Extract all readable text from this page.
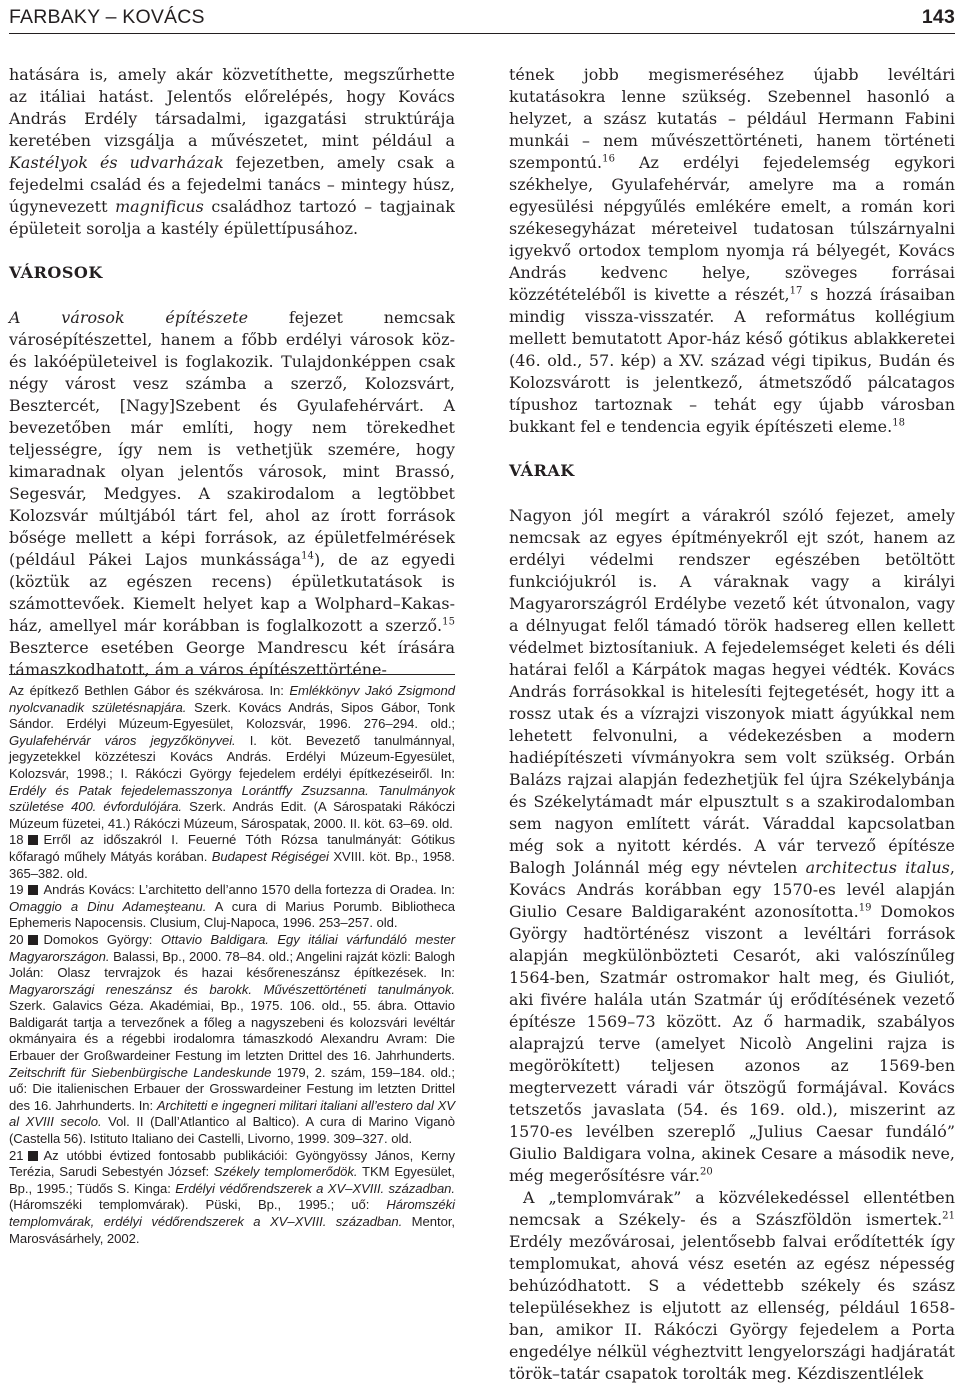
FARBAKY – KOVÁCS	143

hatására is, amely akár közvetíthette, megszűrhette az itáliai hatást. Jelentős előrelépés, hogy Kovács András Erdély társadalmi, igazgatási struktúrája keretében vizsgálja a művészetet, mint például a Kastélyok és udvarházak fejezetben, amely csak a fejedelmi család és a fejedelmi tanács – mintegy húsz, úgynevezett magnificus családhoz tartozó – tagjainak épületeit sorolja a kastély épülettípusához.

VÁROSOK

A városok építészete fejezet nemcsak városépítészettel, hanem a főbb erdélyi városok köz- és lakóépületeivel is foglakozik. Tulajdonképpen csak négy várost vesz számba a szerző, Kolozsvárt, Besztercét, [Nagy]Szebent és Gyulafehérvárt. A bevezetőben már említi, hogy nem törekedhet teljességre, így nem is vethetjük szemére, hogy kimaradnak olyan jelentős városok, mint Brassó, Segesvár, Medgyes. A szakirodalom a legtöbbet Kolozsvár múltjából tárt fel, ahol az írott források bősége mellett a képi források, az épületfelmérések (például Pákei Lajos munkássága$^{14}$), de az egyedi (köztük az egészen recens) épületkutatások is számottevőek. Kiemelt helyet kap a Wolphard–Kakas-ház, amellyel már korábban is foglalkozott a szerző.$^{15}$ Beszterce esetében George Mandrescu két írására támaszkodhatott, ám a város építészettörténe-

Az építkező Bethlen Gábor és székvárosa. In: Emlékkönyv Jakó Zsigmond nyolcvanadik születésnapjára. Szerk. Kovács András, Sipos Gábor, Tonk Sándor. Erdélyi Múzeum-Egyesület, Kolozsvár, 1996. 276–294. old.; Gyulafehérvár város jegyzőkönyvei. I. köt. Bevezető tanulmánnyal, jegyzetekkel közzéteszi Kovács András. Erdélyi Múzeum-Egyesület, Kolozsvár, 1998.; I. Rákóczi György fejedelem erdélyi építkezéseiről. In: Erdély és Patak fejedelemasszonya Lorántffy Zsuzsanna. Tanulmányok születése 400. évfordulójára. Szerk. András Edit. (A Sárospataki Rákóczi Múzeum füzetei, 41.) Rákóczi Múzeum, Sárospatak, 2000. II. köt. 63–69. old.

18 Erről az időszakról I. Feuerné Tóth Rózsa tanulmányát: Gótikus kőfaragó műhely Mátyás korában. Budapest Régiségei XVIII. köt. Bp., 1958. 365–382. old.

19 András Kovács: L’architetto dell’anno 1570 della fortezza di Oradea. In: Omaggio a Dinu Adameşteanu. A cura di Marius Porumb. Bibliotheca Ephemeris Napocensis. Clusium, Cluj-Napoca, 1996. 253–257. old.

20 Domokos György: Ottavio Baldigara. Egy itáliai várfundáló mester Magyarországon. Balassi, Bp., 2000. 78–84. old.; Angelini rajzát közli: Balogh Jolán: Olasz tervrajzok és hazai későreneszánsz építkezések. In: Magyarországi reneszánsz és barokk. Művészettörténeti tanulmányok. Szerk. Galavics Géza. Akadémiai, Bp., 1975. 106. old., 55. ábra. Ottavio Baldigarát tartja a tervezőnek a főleg a nagyszebeni és kolozsvári levéltár okmányaira és a régebbi irodalomra támaszkodó Alexandru Avram: Die Erbauer der Großwardeiner Festung im letzten Drittel des 16. Jahrhunderts. Zeitschrift für Siebenbürgische Landeskunde 1979, 2. szám, 159–184. old.; uő: Die italienischen Erbauer der Grosswardeiner Festung im letzten Drittel des 16. Jahrhunderts. In: Architetti e ingegneri militari italiani all’estero dal XV al XVIII secolo. Vol. II (Dall’Atlantico al Baltico). A cura di Marino Viganò (Castella 56). Istituto Italiano dei Castelli, Livorno, 1999. 309–327. old.

21 Az utóbbi évtized fontosabb publikációi: Gyöngyössy János, Kerny Terézia, Sarudi Sebestyén József: Székely templomerődök. TKM Egyesület, Bp., 1995.; Tüdős S. Kinga: Erdélyi védőrendszerek a XV–XVIII. században. (Háromszéki templomvárak). Püski, Bp., 1995.; uő: Háromszéki templomvárak, erdélyi védőrendszerek a XV–XVIII. században. Mentor, Marosvásárhely, 2002.

tének jobb megismeréséhez újabb levéltári kutatásokra lenne szükség. Szebennel hasonló a helyzet, a szász kutatás – például Hermann Fabini munkái – nem művészettörténeti, hanem történeti szempontú.$^{16}$ Az erdélyi fejedelemség egykori székhelye, Gyulafehérvár, amelyre ma a román egyesülési népgyűlés emlékére emelt, a román kori székesegyházat méreteivel tudatosan túlszárnyalni igyekvő ortodox templom nyomja rá bélyegét, Kovács András kedvenc helye, szöveges forrásai közzétételéből is kivette a részét,$^{17}$ s hozzá írásaiban mindig vissza-visszatér. A református kollégium mellett bemutatott Apor-ház késő gótikus ablakkeretei (46. old., 57. kép) a XV. század végi tipikus, Budán és Kolozsvárott is jelentkező, átmetsződő pálcatagos típushoz tartoznak – tehát egy újabb városban bukkant fel e tendencia egyik építészeti eleme.$^{18}$

VÁRAK

Nagyon jól megírt a várakról szóló fejezet, amely nemcsak az egyes építményekről ejt szót, hanem az erdélyi védelmi rendszer egészében betöltött funkciójukról is. A váraknak vagy a királyi Magyarországról Erdélybe vezető két útvonalon, vagy a délnyugat felől támadó török hadsereg ellen kellett védelmet biztosítaniuk. A fejedelemséget keleti és déli határai felől a Kárpátok magas hegyei védték. Kovács András forrásokkal is hitelesíti fejtegetését, hogy itt a rossz utak és a vízrajzi viszonyok miatt ágyúkkal nem lehetett felvonulni, a védekezésben a modern hadiépítészeti vívmányokra sem volt szükség. Orbán Balázs rajzai alapján fedezhetjük fel újra Székelybánja és Székelytámadt már elpusztult s a szakirodalomban sem nagyon említett várát. Váraddal kapcsolatban még sok a nyitott kérdés. A vár tervező építésze Balogh Jolánnál még egy névtelen architectus italus, Kovács András korábban egy 1570-es levél alapján Giulio Cesare Baldigaraként azonosította.$^{19}$ Domokos György hadtörténész viszont a levéltári források alapján megkülönbözteti Cesarót, aki valószínűleg 1564-ben, Szatmár ostromakor halt meg, és Giuliót, aki fivére halála után Szatmár új erődítésének vezető építésze 1569–73 között. Az ő harmadik, szabályos alaprajzú terve (amelyet Nicolò Angelini rajza is megörökített) teljesen azonos az 1569-ben megtervezett váradi vár ötszögű formájával. Kovács tetszetős javaslata (54. és 169. old.), miszerint az 1570-es levélben szereplő „Julius Caesar fundáló” Giulio Baldigara volna, akinek Cesare a második neve, még megerősítésre vár.$^{20}$

A „templomvárak” a közvélekedéssel ellentétben nemcsak a Székely- és a Szászföldön ismertek.$^{21}$ Erdély mezővárosai, jelentősebb falvai erődítették így templomukat, ahová vész esetén az egész népesség behúzódhatott. S a védettebb székely és szász településekhez is eljutott az ellenség, például 1658-ban, amikor II. Rákóczi György fejedelem a Porta engedélye nélkül végheztvitt lengyelországi hadjáratát török–tatár csapatok torolták meg. Kézdiszentlélek
